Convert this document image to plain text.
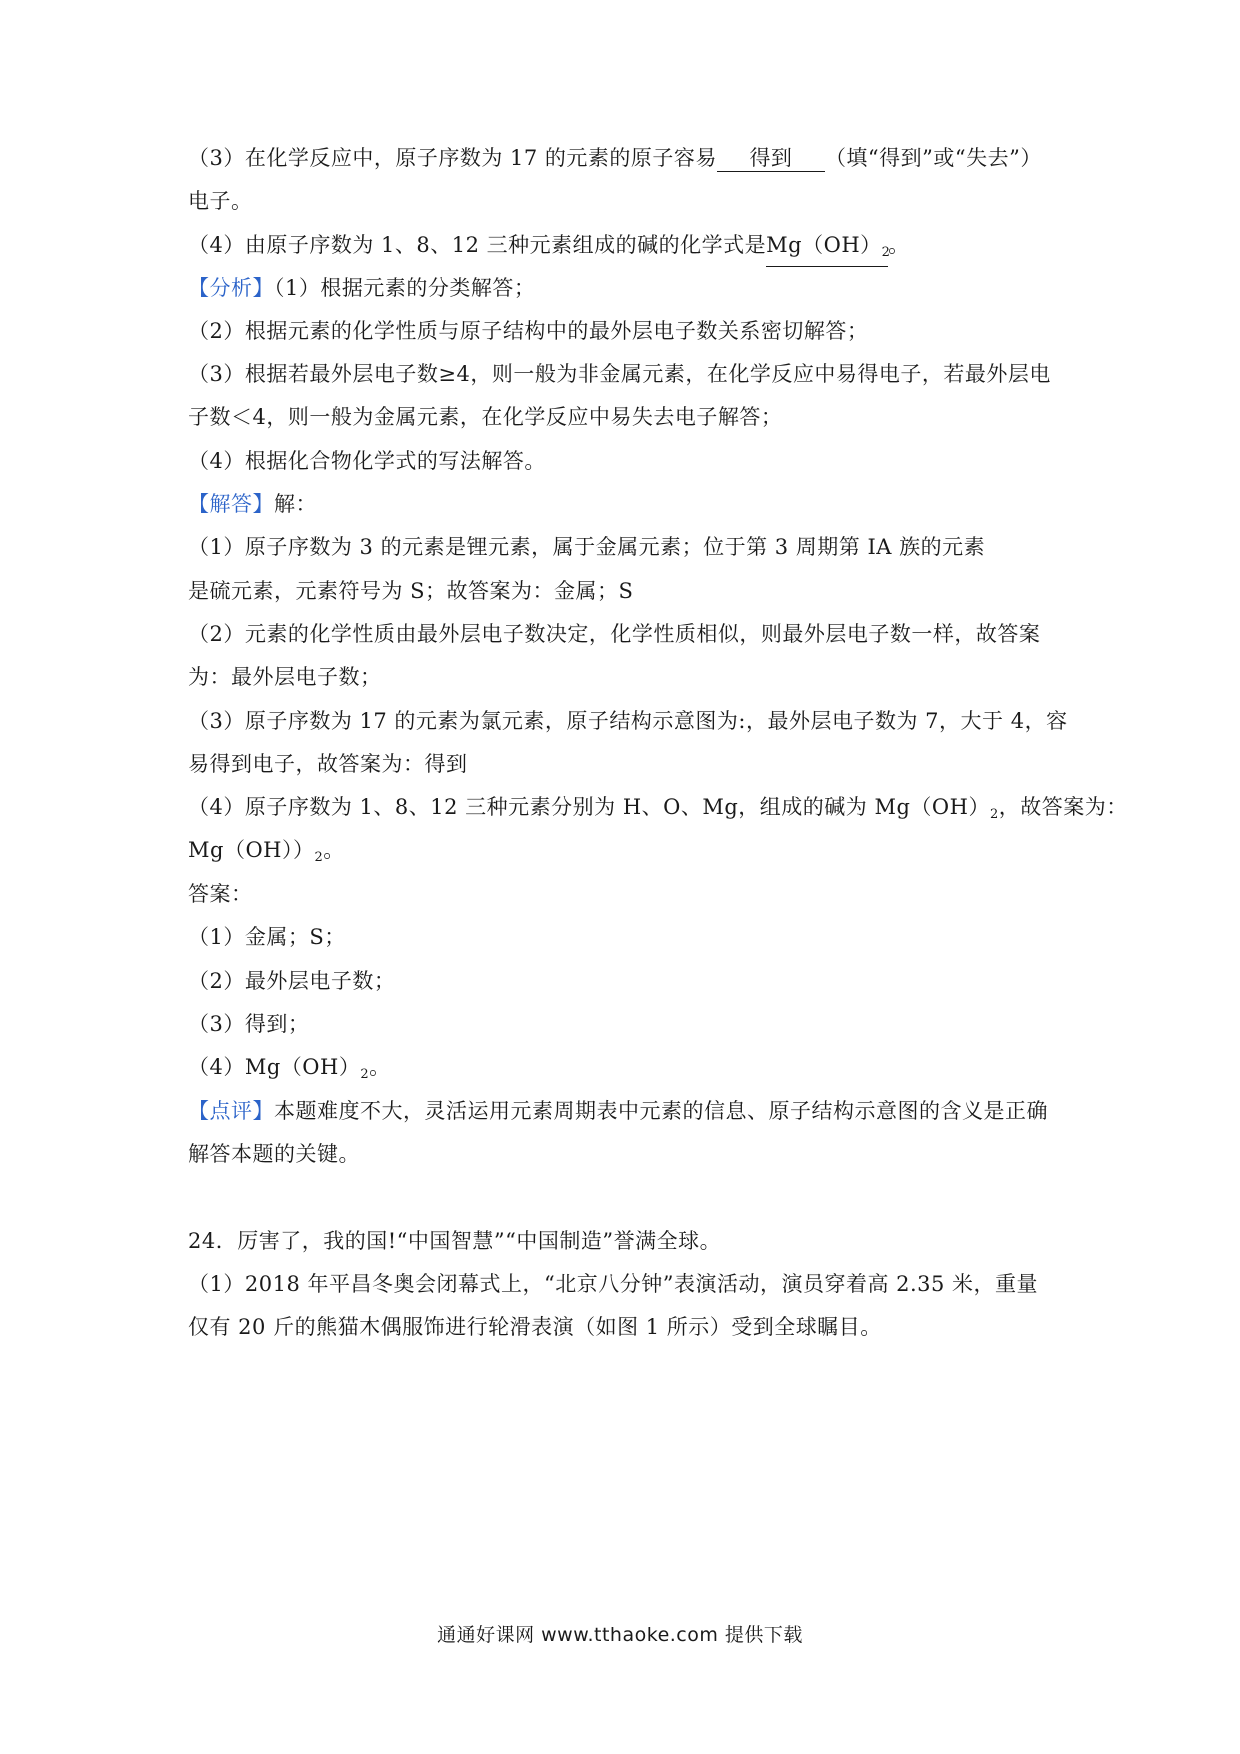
（3）在化学反应中，原子序数为 17 的元素的原子容易 得到 （填“得到”或“失去”）
电子。
（4）由原子序数为 1、8、12 三种元素组成的碱的化学式是$Mg(OH)_2$。
【分析】（1）根据元素的分类解答；
（2）根据元素的化学性质与原子结构中的最外层电子数关系密切解答；
（3）根据若最外层电子数≥4，则一般为非金属元素，在化学反应中易得电子，若最外层电
子数＜4，则一般为金属元素，在化学反应中易失去电子解答；
（4）根据化合物化学式的写法解答。
【解答】解：
（1）原子序数为 3 的元素是锂元素，属于金属元素；位于第 3 周期第 IA 族的元素
是硫元素，元素符号为 S；故答案为：金属；S
（2）元素的化学性质由最外层电子数决定，化学性质相似，则最外层电子数一样，故答案
为：最外层电子数；
（3）原子序数为 17 的元素为氯元素，原子结构示意图为:，最外层电子数为 7，大于 4，容
易得到电子，故答案为：得到
（4）原子序数为 1、8、12 三种元素分别为 H、O、Mg，组成的碱为 $Mg(OH)_2$，故答案为：
$Mg(OH))_2$。
答案：
（1）金属；S；
（2）最外层电子数；
（3）得到；
$(4)Mg(OH)_2$。
【点评】本题难度不大，灵活运用元素周期表中元素的信息、原子结构示意图的含义是正确
解答本题的关键。
24．厉害了，我的国!“中国智慧”“中国制造”誉满全球。
（1）2018 年平昌冬奥会闭幕式上，“北京八分钟”表演活动，演员穿着高 2.35 米，重量
仅有 20 斤的熊猫木偶服饰进行轮滑表演（如图 1 所示）受到全球瞩目。
通通好课网 www.tthaoke.com 提供下载
